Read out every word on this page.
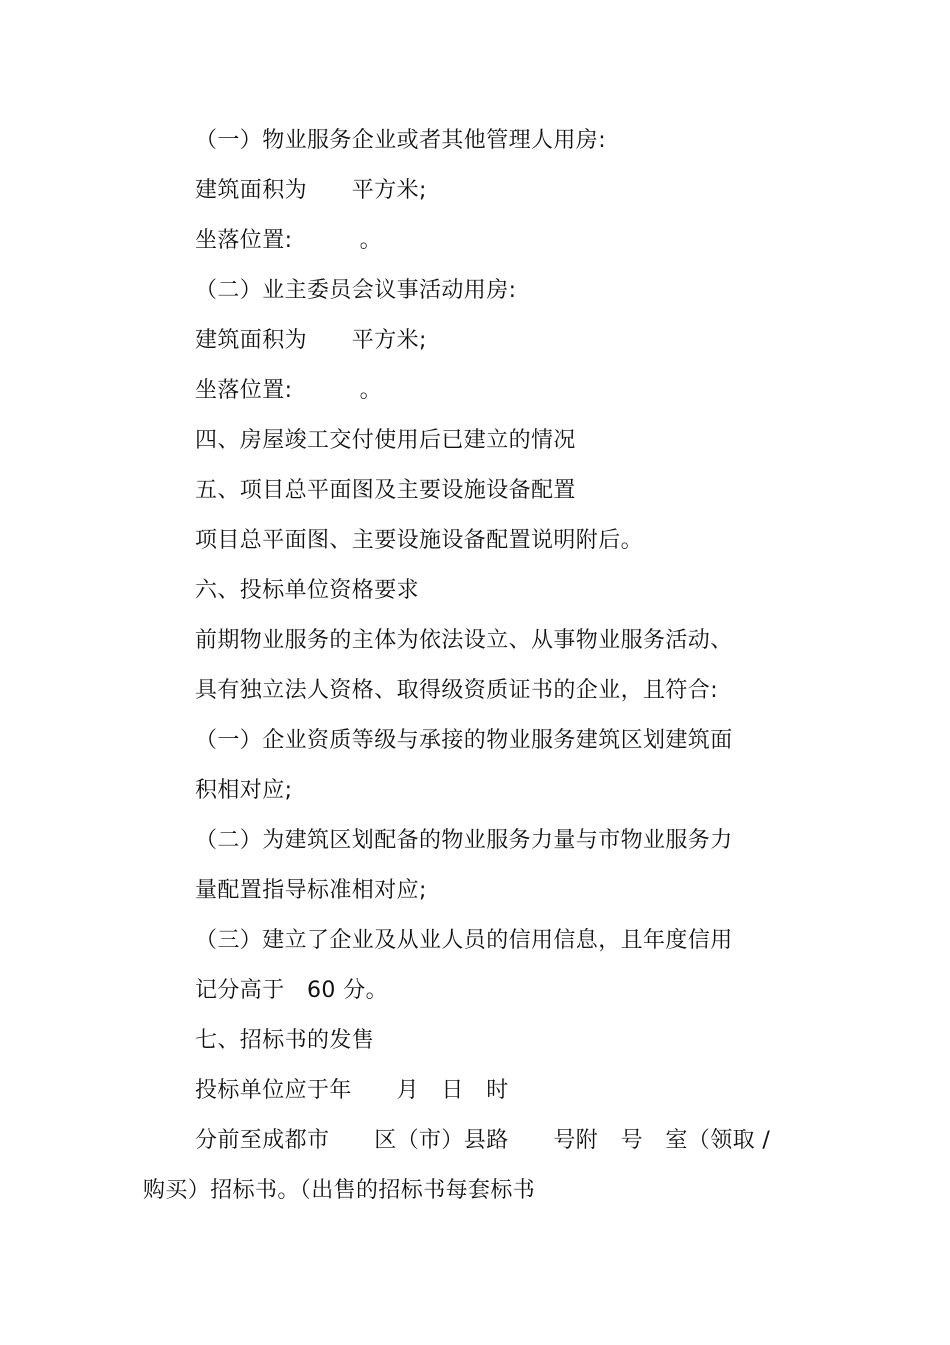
（一）物业服务企业或者其他管理人用房:
建筑面积为　　平方米;
坐落位置:　　　。
（二）业主委员会议事活动用房:
建筑面积为　　平方米;
坐落位置:　　　。
四、房屋竣工交付使用后已建立的情况
五、项目总平面图及主要设施设备配置
项目总平面图、主要设施设备配置说明附后。
六、投标单位资格要求
前期物业服务的主体为依法设立、从事物业服务活动、
具有独立法人资格、取得级资质证书的企业，且符合:
（一）企业资质等级与承接的物业服务建筑区划建筑面
积相对应;
（二）为建筑区划配备的物业服务力量与市物业服务力
量配置指导标准相对应;
（三）建立了企业及从业人员的信用信息，且年度信用
记分高于　60 分。
七、招标书的发售
投标单位应于年　　月　日　时
分前至成都市　　区（市）县路　　号附　号　室（领取 /
购买）招标书。（出售的招标书每套标书
